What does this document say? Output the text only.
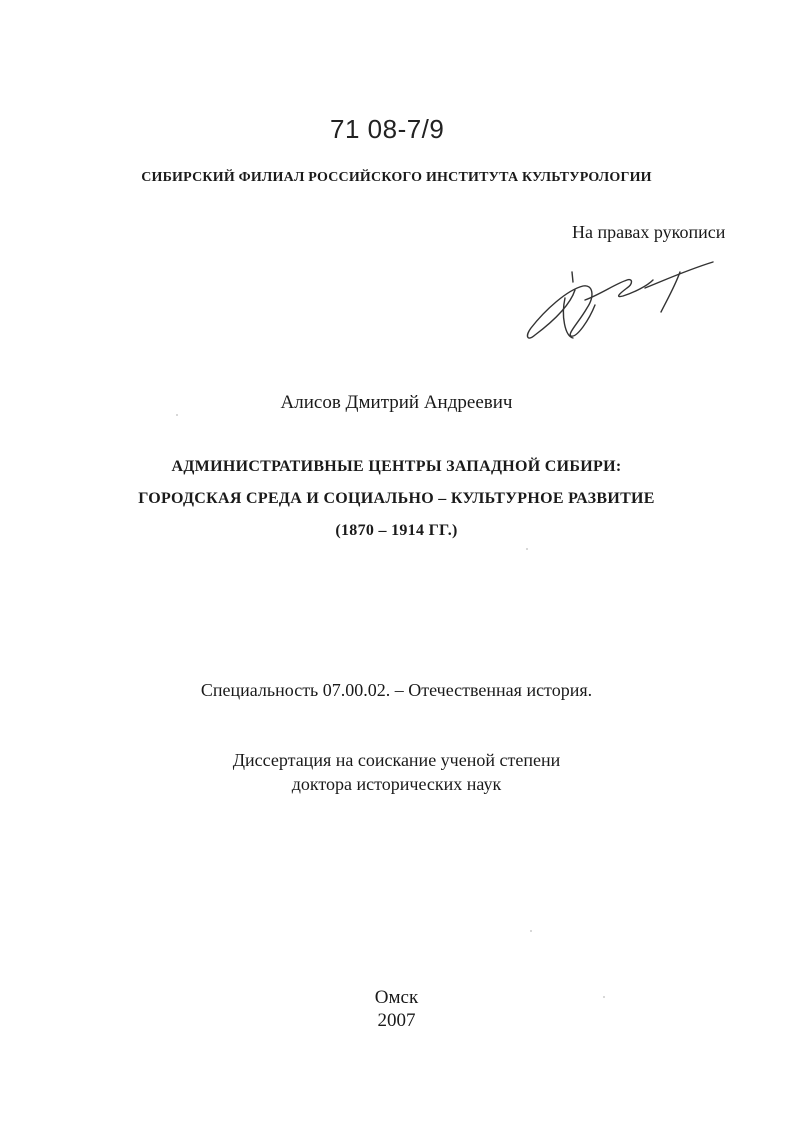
71 08-7/9
СИБИРСКИЙ ФИЛИАЛ РОССИЙСКОГО ИНСТИТУТА КУЛЬТУРОЛОГИИ
На правах рукописи
Алисов Дмитрий Андреевич
АДМИНИСТРАТИВНЫЕ ЦЕНТРЫ ЗАПАДНОЙ СИБИРИ:
ГОРОДСКАЯ СРЕДА И СОЦИАЛЬНО – КУЛЬТУРНОЕ РАЗВИТИЕ
(1870 – 1914 ГГ.)
Специальность 07.00.02. – Отечественная история.
Диссертация на соискание ученой степени
доктора исторических наук
Омск
2007
